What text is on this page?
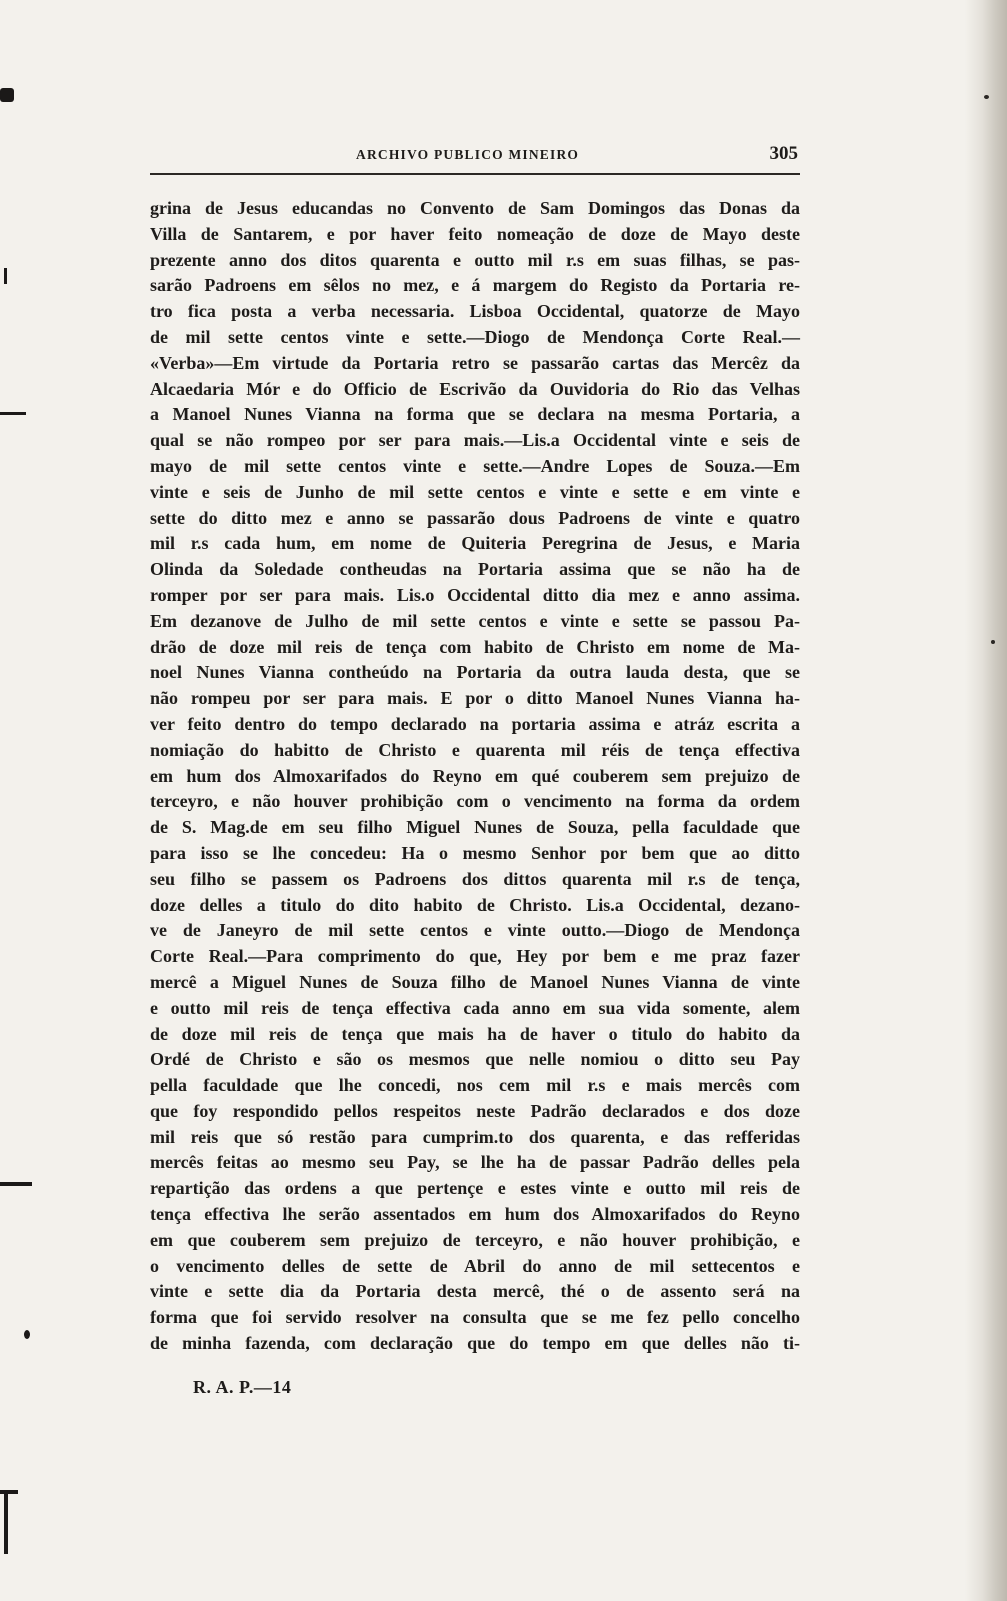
ARCHIVO PUBLICO MINEIRO	305
grina de Jesus educandas no Convento de Sam Domingos das Donas da
Villa de Santarem, e por haver feito nomeação de doze de Mayo deste
prezente anno dos ditos quarenta e outto mil r.s em suas filhas, se pas-
sarão Padroens em sêlos no mez, e á margem do Registo da Portaria re-
tro fica posta a verba necessaria. Lisboa Occidental, quatorze de Mayo
de mil sette centos vinte e sette.—Diogo de Mendonça Corte Real.—
«Verba»—Em virtude da Portaria retro se passarão cartas das Mercêz da
Alcaedaria Mór e do Officio de Escrivão da Ouvidoria do Rio das Velhas
a Manoel Nunes Vianna na forma que se declara na mesma Portaria, a
qual se não rompeo por ser para mais.—Lis.a Occidental vinte e seis de
mayo de mil sette centos vinte e sette.—Andre Lopes de Souza.—Em
vinte e seis de Junho de mil sette centos e vinte e sette e em vinte e
sette do ditto mez e anno se passarão dous Padroens de vinte e quatro
mil r.s cada hum, em nome de Quiteria Peregrina de Jesus, e Maria
Olinda da Soledade contheudas na Portaria assima que se não ha de
romper por ser para mais. Lis.o Occidental ditto dia mez e anno assima.
Em dezanove de Julho de mil sette centos e vinte e sette se passou Pa-
drão de doze mil reis de tença com habito de Christo em nome de Ma-
noel Nunes Vianna contheúdo na Portaria da outra lauda desta, que se
não rompeu por ser para mais. E por o ditto Manoel Nunes Vianna ha-
ver feito dentro do tempo declarado na portaria assima e atráz escrita a
nomiação do habitto de Christo e quarenta mil réis de tença effectiva
em hum dos Almoxarifados do Reyno em qué couberem sem prejuizo de
terceyro, e não houver prohibição com o vencimento na forma da ordem
de S. Mag.de em seu filho Miguel Nunes de Souza, pella faculdade que
para isso se lhe concedeu: Ha o mesmo Senhor por bem que ao ditto
seu filho se passem os Padroens dos dittos quarenta mil r.s de tença,
doze delles a titulo do dito habito de Christo. Lis.a Occidental, dezano-
ve de Janeyro de mil sette centos e vinte outto.—Diogo de Mendonça
Corte Real.—Para comprimento do que, Hey por bem e me praz fazer
mercê a Miguel Nunes de Souza filho de Manoel Nunes Vianna de vinte
e outto mil reis de tença effectiva cada anno em sua vida somente, alem
de doze mil reis de tença que mais ha de haver o titulo do habito da
Ordé de Christo e são os mesmos que nelle nomiou o ditto seu Pay
pella faculdade que lhe concedi, nos cem mil r.s e mais mercês com
que foy respondido pellos respeitos neste Padrão declarados e dos doze
mil reis que só restão para cumprim.to dos quarenta, e das refferidas
mercês feitas ao mesmo seu Pay, se lhe ha de passar Padrão delles pela
repartição das ordens a que pertençe e estes vinte e outto mil reis de
tença effectiva lhe serão assentados em hum dos Almoxarifados do Reyno
em que couberem sem prejuizo de terceyro, e não houver prohibição, e
o vencimento delles de sette de Abril do anno de mil settecentos e
vinte e sette dia da Portaria desta mercê, thé o de assento será na
forma que foi servido resolver na consulta que se me fez pello concelho
de minha fazenda, com declaração que do tempo em que delles não ti-
R. A. P.—14
